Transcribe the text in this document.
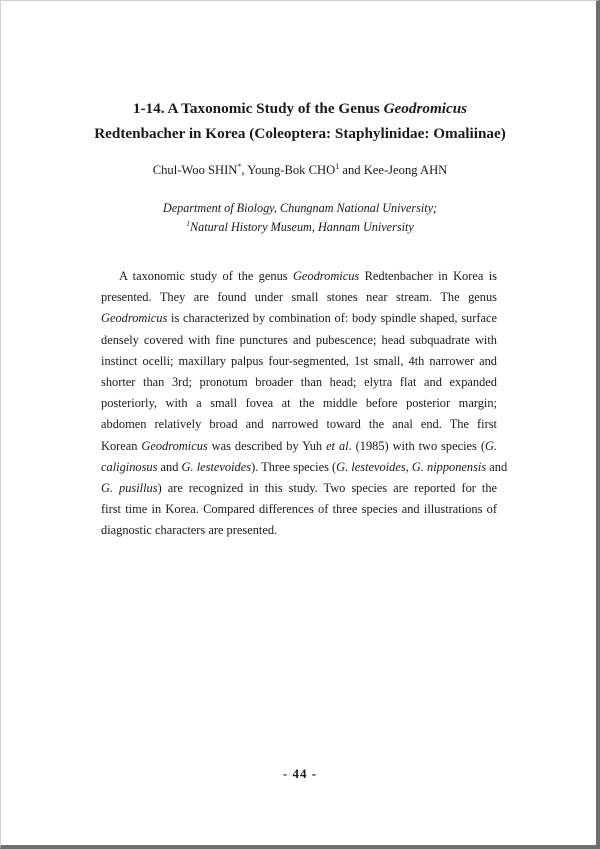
1-14. A Taxonomic Study of the Genus Geodromicus
Redtenbacher in Korea (Coleoptera: Staphylinidae: Omaliinae)

Chul-Woo SHIN*, Young-Bok CHO$^1$ and Kee-Jeong AHN

Department of Biology, Chungnam National University;
$^1$Natural History Museum, Hannam University

A taxonomic study of the genus Geodromicus Redtenbacher in Korea is
presented. They are found under small stones near stream. The genus
Geodromicus is characterized by combination of: body spindle shaped, surface
densely covered with fine punctures and pubescence; head subquadrate with
instinct ocelli; maxillary palpus four-segmented, 1st small, 4th narrower and
shorter than 3rd; pronotum broader than head; elytra flat and expanded
posteriorly, with a small fovea at the middle before posterior margin;
abdomen relatively broad and narrowed toward the anal end. The first
Korean Geodromicus was described by Yuh et al. (1985) with two species (G.
caliginosus and G. lestevoides). Three species (G. lestevoides, G. nipponensis and
G. pusillus) are recognized in this study. Two species are reported for the
first time in Korea. Compared differences of three species and illustrations of
diagnostic characters are presented.

- 44 -
